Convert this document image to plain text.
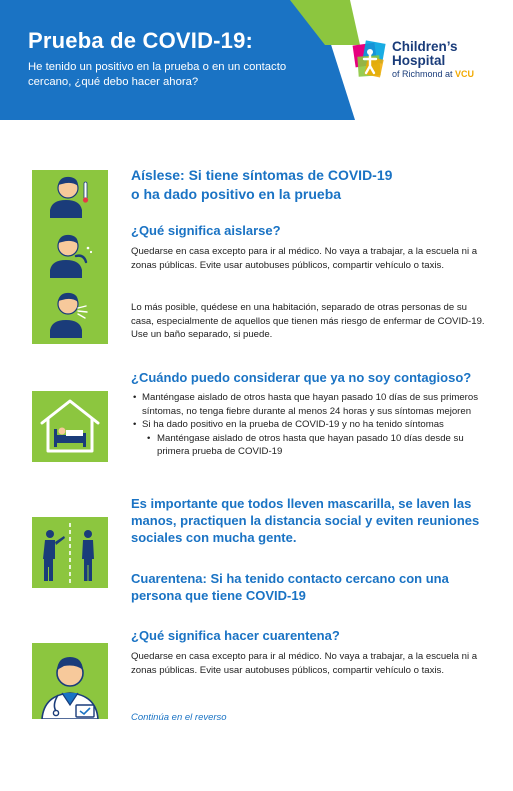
Prueba de COVID-19:
He tenido un positivo en la prueba o en un contacto cercano, ¿qué debo hacer ahora?
Children’s
Hospital
of Richmond at VCU
Aíslese: Si tiene síntomas de COVID-19
o ha dado positivo en la prueba
¿Qué significa aislarse?
Quedarse en casa excepto para ir al médico. No vaya a trabajar, a la escuela ni a zonas públicas. Evite usar autobuses públicos, compartir vehículo o taxis.
Lo más posible, quédese en una habitación, separado de otras personas de su casa, especialmente de aquellos que tienen más riesgo de enfermar de COVID-19. Use un baño separado, si puede.
¿Cuándo puedo considerar que ya no soy contagioso?
• Manténgase aislado de otros hasta que hayan pasado 10 días de sus primeros síntomas, no tenga fiebre durante al menos 24 horas y sus síntomas mejoren
• Si ha dado positivo en la prueba de COVID-19 y no ha tenido síntomas
• Manténgase aislado de otros hasta que hayan pasado 10 días desde su primera prueba de COVID-19
Es importante que todos lleven mascarilla, se laven las manos, practiquen la distancia social y eviten reuniones sociales con mucha gente.
Cuarentena: Si ha tenido contacto cercano con una persona que tiene COVID-19
¿Qué significa hacer cuarentena?
Quedarse en casa excepto para ir al médico. No vaya a trabajar, a la escuela ni a zonas públicas. Evite usar autobuses públicos, compartir vehículo o taxis.
Continúa en el reverso
